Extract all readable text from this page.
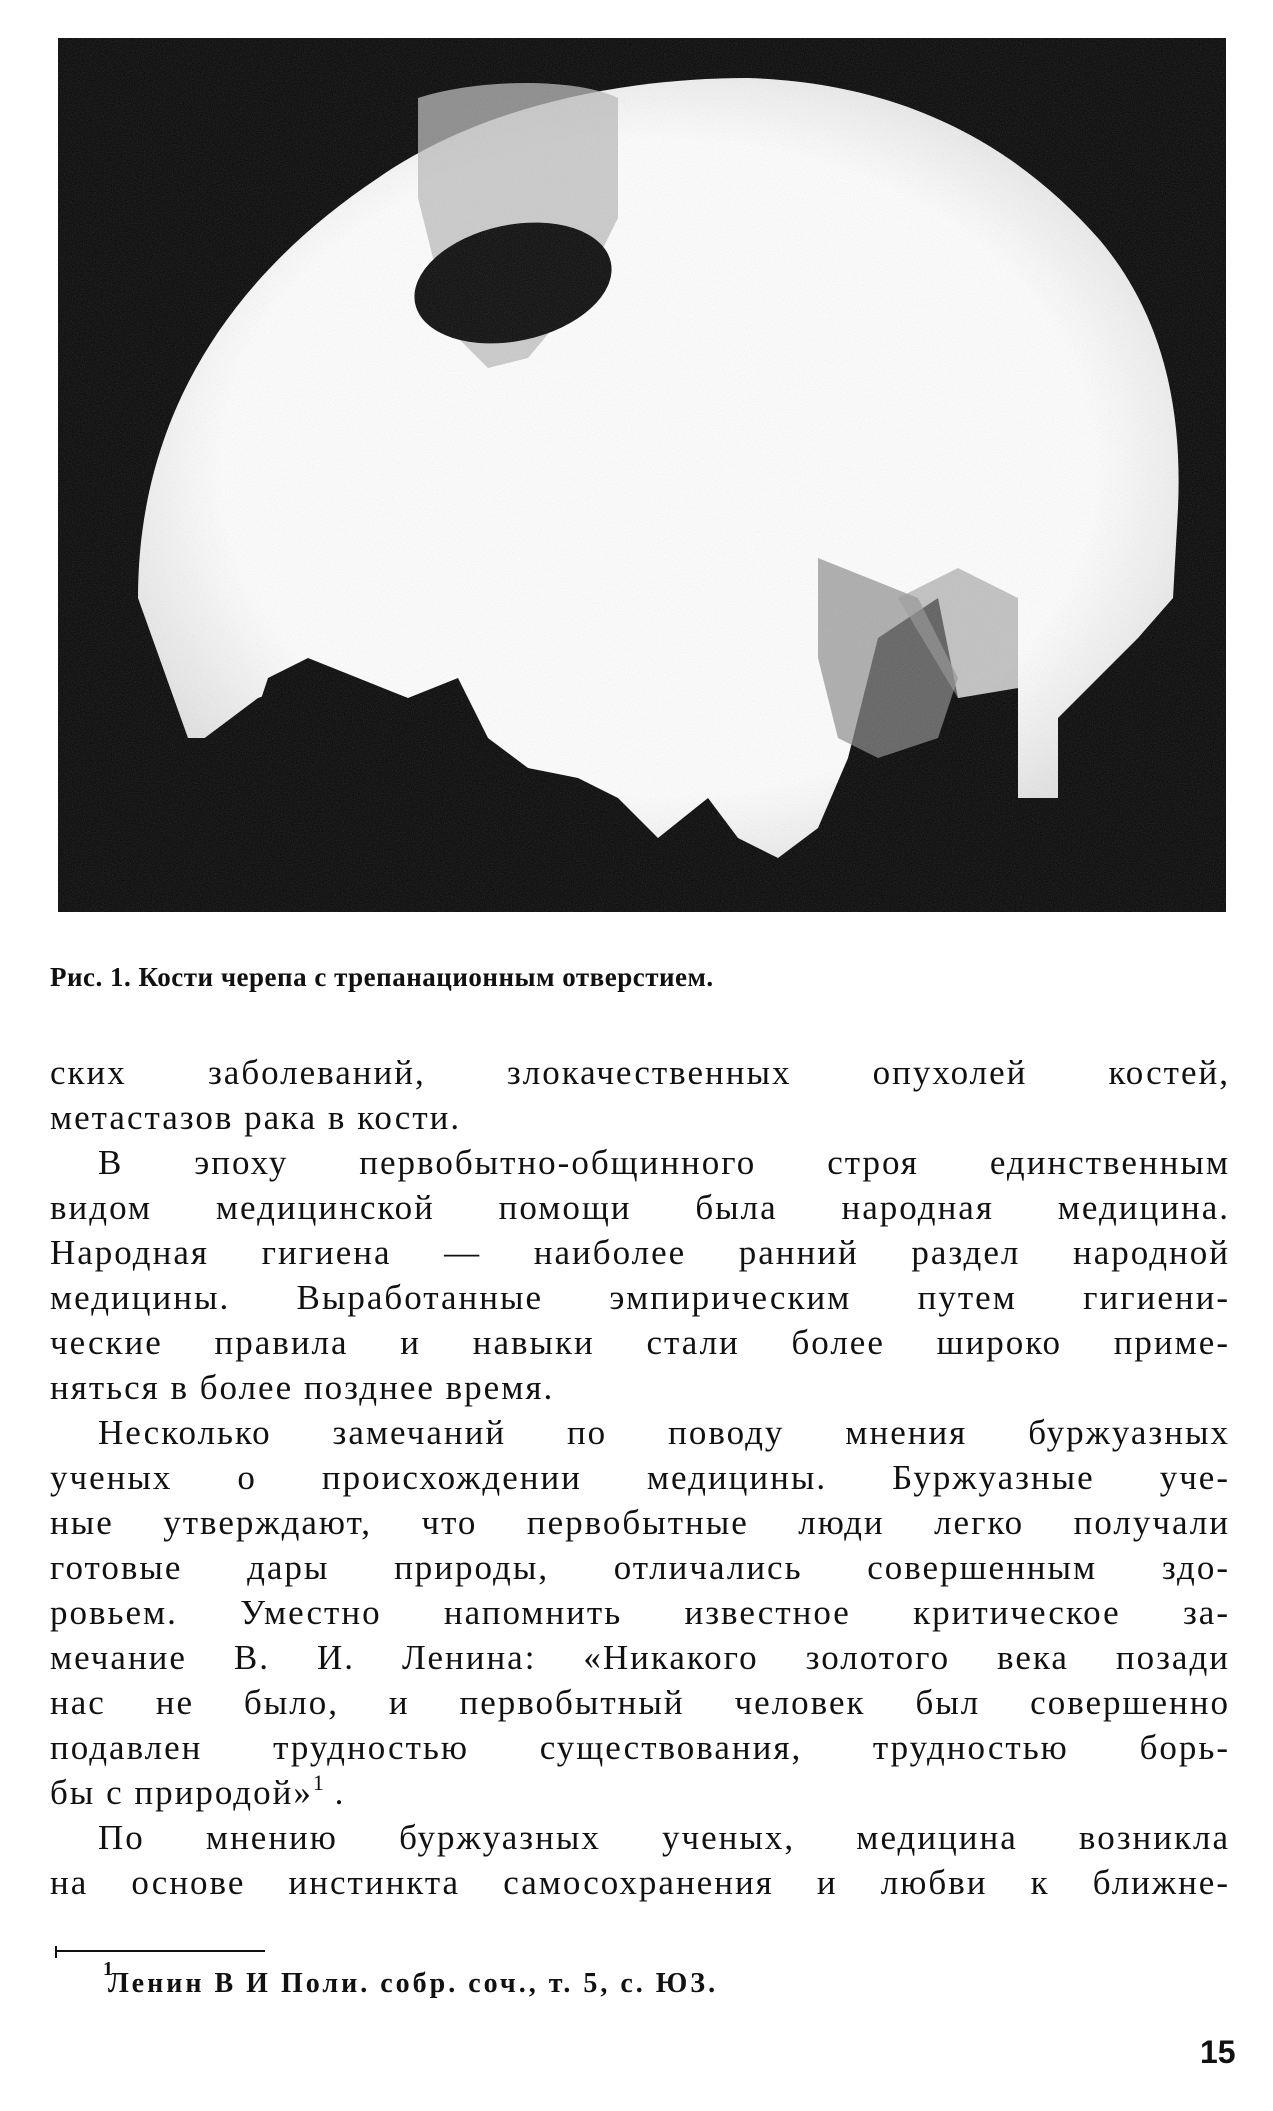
Рис. 1. Кости черепа с трепанационным отверстием.
ских заболеваний, злокачественных опухолей костей,
метастазов рака в кости.
В эпоху первобытно-общинного строя единственным
видом медицинской помощи была народная медицина.
Народная гигиена — наиболее ранний раздел народной
медицины. Выработанные эмпирическим путем гигиени-
ческие правила и навыки стали более широко приме-
няться в более позднее время.
Несколько замечаний по поводу мнения буржуазных
ученых о происхождении медицины. Буржуазные уче-
ные утверждают, что первобытные люди легко получали
готовые дары природы, отличались совершенным здо-
ровьем. Уместно напомнить известное критическое за-
мечание В. И. Ленина: «Никакого золотого века позади
нас не было, и первобытный человек был совершенно
подавлен трудностью существования, трудностью борь-
бы с природой»$^1$ .
По мнению буржуазных ученых, медицина возникла
на основе инстинкта самосохранения и любви к ближне-
1
Ленин В И Поли. собр. соч., т. 5, с. ЮЗ.
15
